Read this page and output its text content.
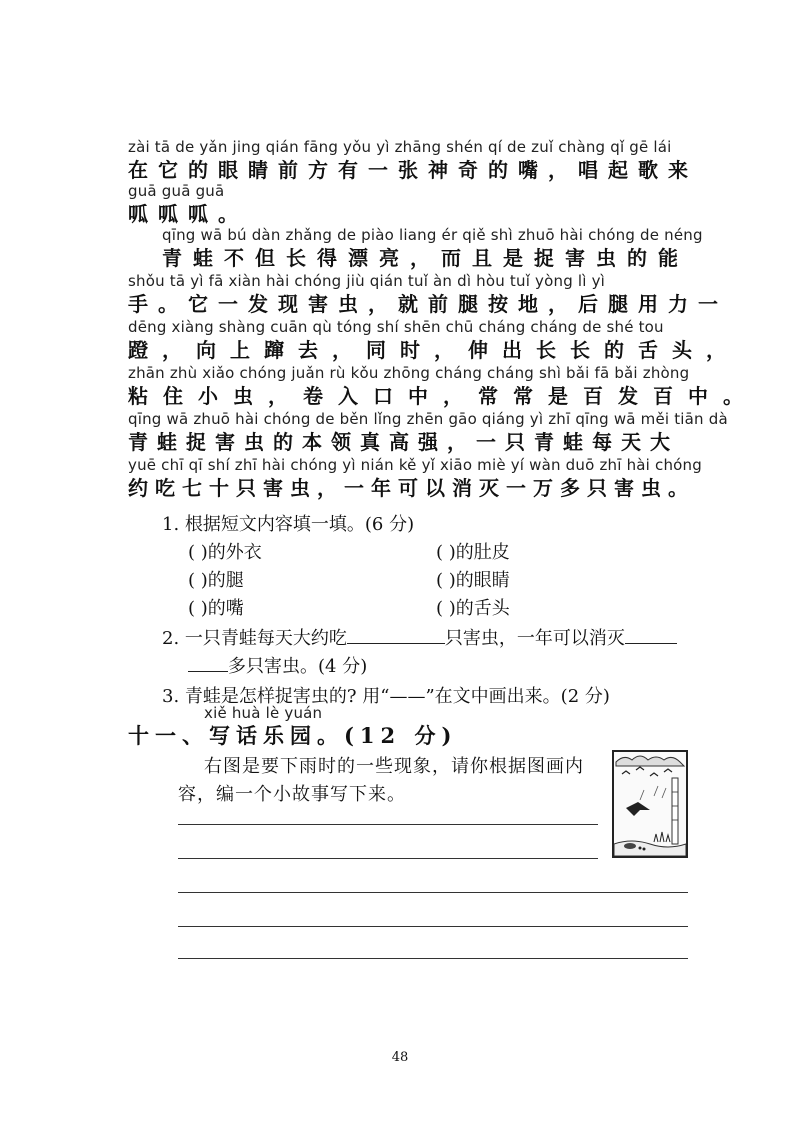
zài tā de yǎn jing qián fāng yǒu yì zhāng shén qí de zuǐ chàng qǐ gē lái
在它的眼睛前方有一张神奇的嘴，唱起歌来
guā guā guā
呱呱呱。
qīng wā bú dàn zhǎng de piào liang ér qiě shì zhuō hài chóng de néng
青蛙不但长得漂亮，而且是捉害虫的能
shǒu tā yì fā xiàn hài chóng jiù qián tuǐ àn dì hòu tuǐ yòng lì yì
手。它一发现害虫，就前腿按地，后腿用力一
dēng xiàng shàng cuān qù tóng shí shēn chū cháng cháng de shé tou
蹬，向上蹿去，同时，伸出长长的舌头，
zhān zhù xiǎo chóng juǎn rù kǒu zhōng cháng cháng shì bǎi fā bǎi zhòng
粘住小虫，卷入口中，常常是百发百中。
qīng wā zhuō hài chóng de běn lǐng zhēn gāo qiáng yì zhī qīng wā měi tiān dà
青蛙捉害虫的本领真高强，一只青蛙每天大
yuē chī qī shí zhī hài chóng yì nián kě yǐ xiāo miè yí wàn duō zhī hài chóng
约吃七十只害虫，一年可以消灭一万多只害虫。
1. 根据短文内容填一填。(6 分)
( )的外衣	( )的肚皮
( )的腿	( )的眼睛
( )的嘴	( )的舌头
2. 一只青蛙每天大约吃	只害虫，一年可以消灭
多只害虫。(4 分)
3. 青蛙是怎样捉害虫的? 用“——”在文中画出来。(2 分)
xiě huà lè yuán
十一、写话乐园。(12 分)
右图是要下雨时的一些现象，请你根据图画内
容，编一个小故事写下来。
48
